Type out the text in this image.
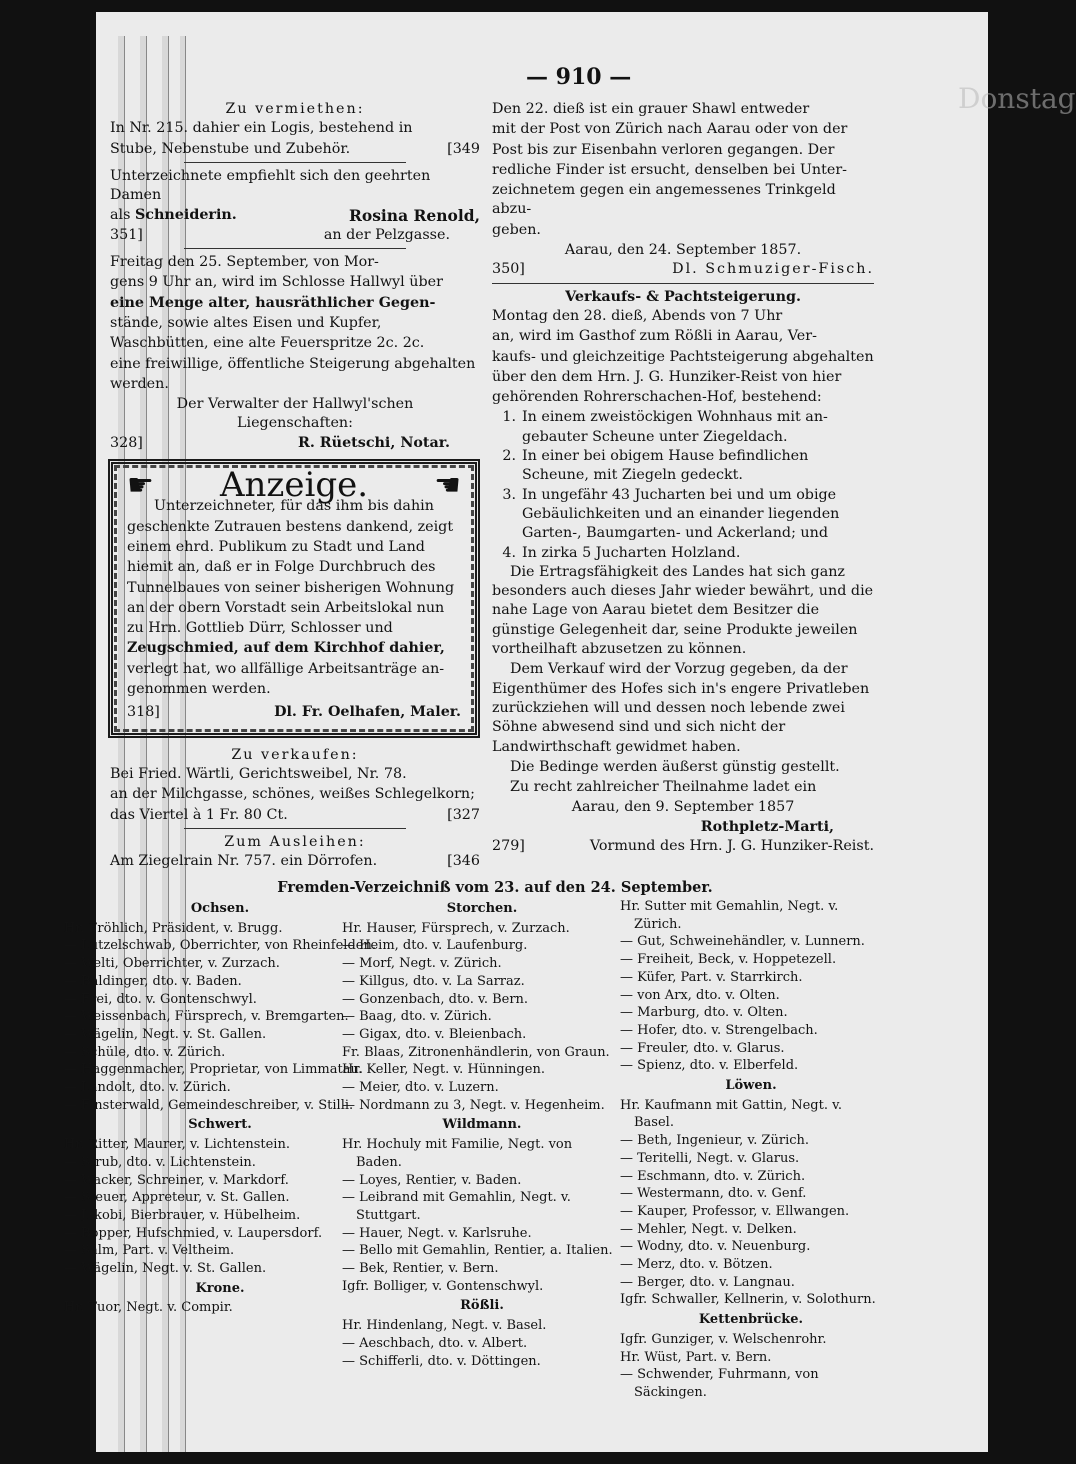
— 910 —
Donstag
Zu vermiethen:
In Nr. 215. dahier ein Logis, bestehend in
Stube, Nebenstube und Zubehör.	[349
Unterzeichnete empfiehlt sich den geehrten Damen
als Schneiderin.	Rosina Renold,
351]	an der Pelzgasse.
Freitag den 25. September, von Mor-
gens 9 Uhr an, wird im Schlosse Hallwyl über
eine Menge alter, hausräthlicher Gegen-
stände, sowie altes Eisen und Kupfer,
Waschbütten, eine alte Feuerspritze 2c. 2c.
eine freiwillige, öffentliche Steigerung abgehalten
werden.
Der Verwalter der Hallwyl'schen
Liegenschaften:
328]	R. Rüetschi, Notar.
☛ Anzeige. ☚
Unterzeichneter, für das ihm bis dahin
geschenkte Zutrauen bestens dankend, zeigt
einem ehrd. Publikum zu Stadt und Land
hiemit an, daß er in Folge Durchbruch des
Tunnelbaues von seiner bisherigen Wohnung
an der obern Vorstadt sein Arbeitslokal nun
zu Hrn. Gottlieb Dürr, Schlosser und
Zeugschmied, auf dem Kirchhof dahier,
verlegt hat, wo allfällige Arbeitsanträge an-
genommen werden.
318]	Dl. Fr. Oelhafen, Maler.
Zu verkaufen:
Bei Fried. Wärtli, Gerichtsweibel, Nr. 78.
an der Milchgasse, schönes, weißes Schlegelkorn;
das Viertel à 1 Fr. 80 Ct.	[327
Zum Ausleihen:
Am Ziegelrain Nr. 757. ein Dörrofen.	[346
Den 22. dieß ist ein grauer Shawl entweder
mit der Post von Zürich nach Aarau oder von der
Post bis zur Eisenbahn verloren gegangen. Der
redliche Finder ist ersucht, denselben bei Unter-
zeichnetem gegen ein angemessenes Trinkgeld abzu-
geben.
Aarau, den 24. September 1857.
350]	Dl. Schmuziger-Fisch.
Verkaufs- & Pachtsteigerung.
Montag den 28. dieß, Abends von 7 Uhr
an, wird im Gasthof zum Rößli in Aarau, Ver-
kaufs- und gleichzeitige Pachtsteigerung abgehalten
über den dem Hrn. J. G. Hunziker-Reist von hier
gehörenden Rohrerschachen-Hof, bestehend:
1. In einem zweistöckigen Wohnhaus mit an-gebauter Scheune unter Ziegeldach.
2. In einer bei obigem Hause befindlichen Scheune, mit Ziegeln gedeckt.
3. In ungefähr 43 Jucharten bei und um obige Gebäulichkeiten und an einander liegenden Garten-, Baumgarten- und Ackerland; und
4. In zirka 5 Jucharten Holzland.
Die Ertragsfähigkeit des Landes hat sich ganz besonders auch dieses Jahr wieder bewährt, und die nahe Lage von Aarau bietet dem Besitzer die günstige Gelegenheit dar, seine Produkte jeweilen vortheilhaft abzusetzen zu können.
Dem Verkauf wird der Vorzug gegeben, da der Eigenthümer des Hofes sich in's engere Privatleben zurückziehen will und dessen noch lebende zwei Söhne abwesend sind und sich nicht der Landwirthschaft gewidmet haben.
Die Bedinge werden äußerst günstig gestellt.
Zu recht zahlreicher Theilnahme ladet ein
Aarau, den 9. September 1857
Rothpletz-Marti,
279]	Vormund des Hrn. J. G. Hunziker-Reist.
Fremden-Verzeichniß vom 23. auf den 24. September.
Ochsen.
Hr. Fröhlich, Präsident, v. Brugg.
— Lützelschwab, Oberrichter, von Rheinfelden.
— Welti, Oberrichter, v. Zurzach.
— Baldinger, dto. v. Baden.
— Frei, dto. v. Gontenschwyl.
— Weissenbach, Fürsprech, v. Bremgarten.
— Wägelin, Negt. v. St. Gallen.
— Schüle, dto. v. Zürich.
— Haggenmacher, Proprietar, von Limmatau.
— Landolt, dto. v. Zürich.
— Finsterwald, Gemeindeschreiber, v. Stilli.
Schwert.
Hr. Ritter, Maurer, v. Lichtenstein.
— Strub, dto. v. Lichtenstein.
— Wacker, Schreiner, v. Markdorf.
— Steuer, Appreteur, v. St. Gallen.
— Jakobi, Bierbrauer, v. Hübelheim.
— Bopper, Hufschmied, v. Laupersdorf.
— Salm, Part. v. Veltheim.
— Wägelin, Negt. v. St. Gallen.
Krone.
Hr. Tuor, Negt. v. Compir.
Storchen.
Hr. Hauser, Fürsprech, v. Zurzach.
— Heim, dto. v. Laufenburg.
— Morf, Negt. v. Zürich.
— Killgus, dto. v. La Sarraz.
— Gonzenbach, dto. v. Bern.
— Baag, dto. v. Zürich.
— Gigax, dto. v. Bleienbach.
Fr. Blaas, Zitronenhändlerin, von Graun.
Hr. Keller, Negt. v. Hünningen.
— Meier, dto. v. Luzern.
— Nordmann zu 3, Negt. v. Hegenheim.
Wildmann.
Hr. Hochuly mit Familie, Negt. von Baden.
— Loyes, Rentier, v. Baden.
— Leibrand mit Gemahlin, Negt. v. Stuttgart.
— Hauer, Negt. v. Karlsruhe.
— Bello mit Gemahlin, Rentier, a. Italien.
— Bek, Rentier, v. Bern.
Igfr. Bolliger, v. Gontenschwyl.
Rößli.
Hr. Hindenlang, Negt. v. Basel.
— Aeschbach, dto. v. Albert.
— Schifferli, dto. v. Döttingen.
Hr. Sutter mit Gemahlin, Negt. v. Zürich.
— Gut, Schweinehändler, v. Lunnern.
— Freiheit, Beck, v. Hoppetezell.
— Küfer, Part. v. Starrkirch.
— von Arx, dto. v. Olten.
— Marburg, dto. v. Olten.
— Hofer, dto. v. Strengelbach.
— Freuler, dto. v. Glarus.
— Spienz, dto. v. Elberfeld.
Löwen.
Hr. Kaufmann mit Gattin, Negt. v. Basel.
— Beth, Ingenieur, v. Zürich.
— Teritelli, Negt. v. Glarus.
— Eschmann, dto. v. Zürich.
— Westermann, dto. v. Genf.
— Kauper, Professor, v. Ellwangen.
— Mehler, Negt. v. Delken.
— Wodny, dto. v. Neuenburg.
— Merz, dto. v. Bötzen.
— Berger, dto. v. Langnau.
Igfr. Schwaller, Kellnerin, v. Solothurn.
Kettenbrücke.
Igfr. Gunziger, v. Welschenrohr.
Hr. Wüst, Part. v. Bern.
— Schwender, Fuhrmann, von Säckingen.
